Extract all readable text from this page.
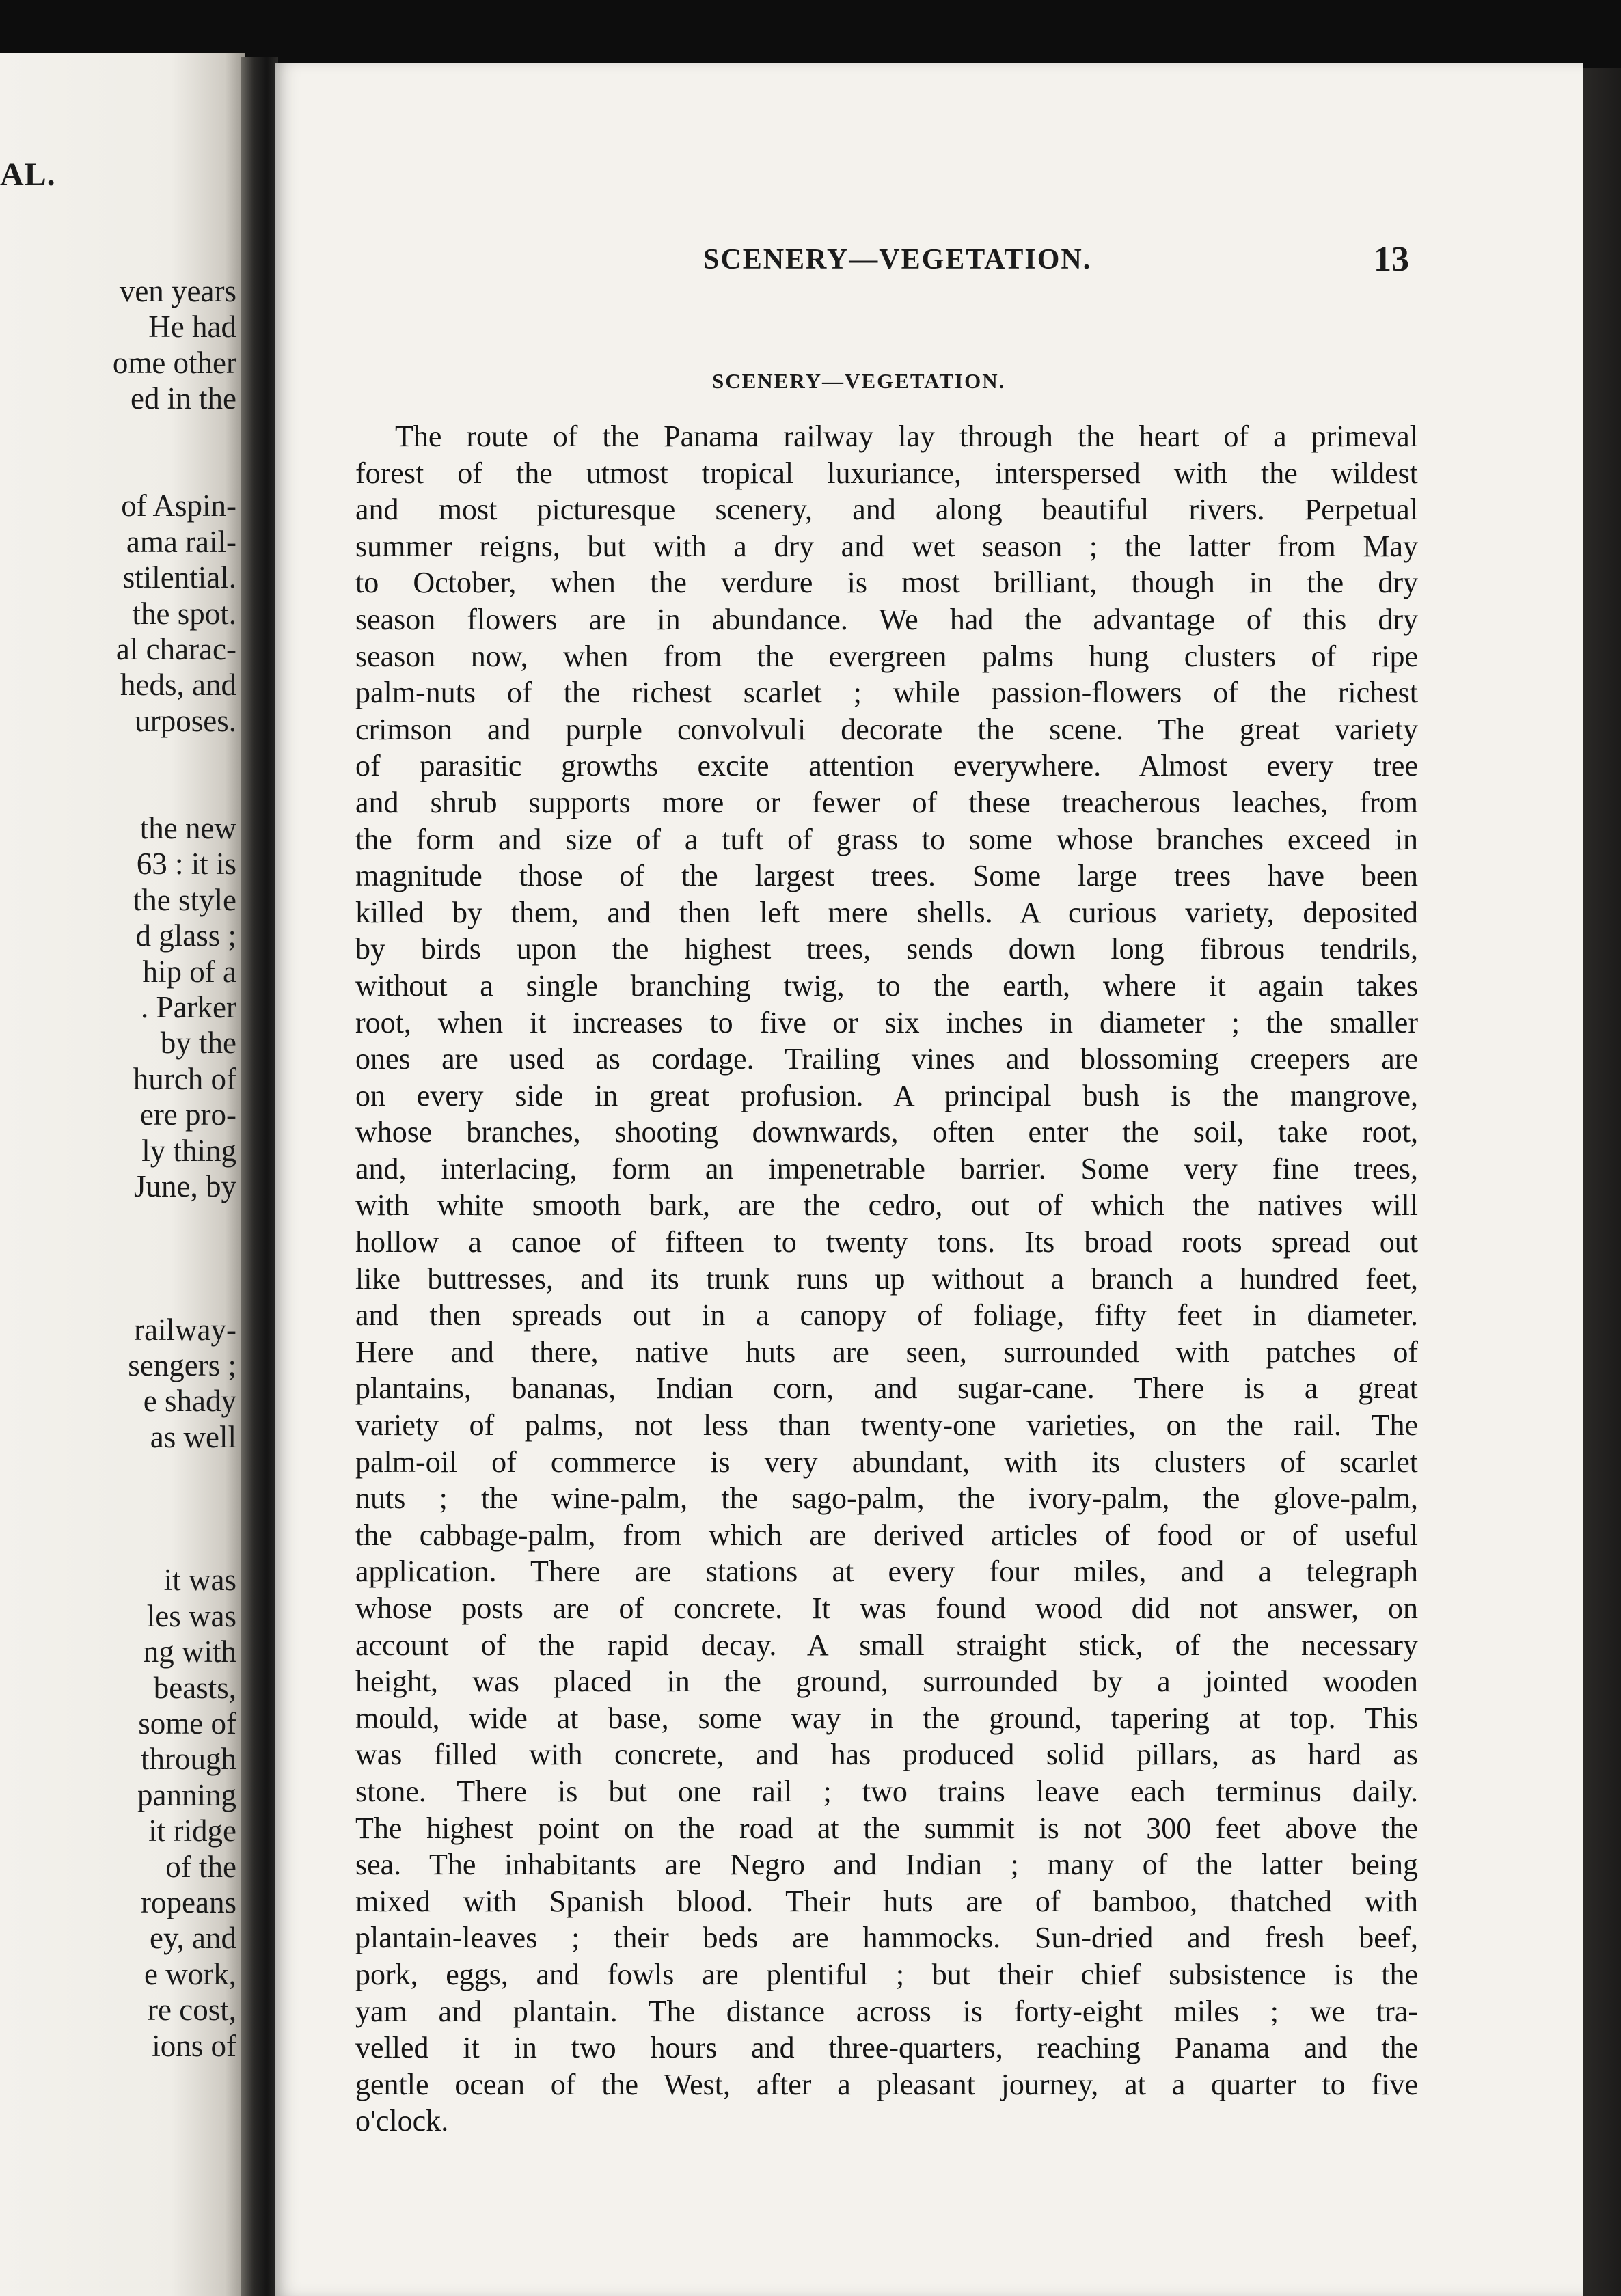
AL.
ven years
He had
ome other
ed in the
of Aspin-
ama rail-
stilential.
the spot.
al charac-
heds, and
urposes.
the new
63 : it is
the style
d glass ;
hip of a
. Parker
by the
hurch of
ere pro-
ly thing
June, by
railway-
sengers ;
e shady
as well
it was
les was
ng with
beasts,
some of
through
panning
it ridge
of the
ropeans
ey, and
e work,
re cost,
ions of
SCENERY—VEGETATION.	13
SCENERY—VEGETATION.
The route of the Panama railway lay through the heart of a primeval
forest of the utmost tropical luxuriance, interspersed with the wildest
and most picturesque scenery, and along beautiful rivers. Perpetual
summer reigns, but with a dry and wet season ; the latter from May
to October, when the verdure is most brilliant, though in the dry
season flowers are in abundance. We had the advantage of this dry
season now, when from the evergreen palms hung clusters of ripe
palm-nuts of the richest scarlet ; while passion-flowers of the richest
crimson and purple convolvuli decorate the scene. The great variety
of parasitic growths excite attention everywhere. Almost every tree
and shrub supports more or fewer of these treacherous leaches, from
the form and size of a tuft of grass to some whose branches exceed in
magnitude those of the largest trees. Some large trees have been
killed by them, and then left mere shells. A curious variety, deposited
by birds upon the highest trees, sends down long fibrous tendrils,
without a single branching twig, to the earth, where it again takes
root, when it increases to five or six inches in diameter ; the smaller
ones are used as cordage. Trailing vines and blossoming creepers are
on every side in great profusion. A principal bush is the mangrove,
whose branches, shooting downwards, often enter the soil, take root,
and, interlacing, form an impenetrable barrier. Some very fine trees,
with white smooth bark, are the cedro, out of which the natives will
hollow a canoe of fifteen to twenty tons. Its broad roots spread out
like buttresses, and its trunk runs up without a branch a hundred feet,
and then spreads out in a canopy of foliage, fifty feet in diameter.
Here and there, native huts are seen, surrounded with patches of
plantains, bananas, Indian corn, and sugar-cane. There is a great
variety of palms, not less than twenty-one varieties, on the rail. The
palm-oil of commerce is very abundant, with its clusters of scarlet
nuts ; the wine-palm, the sago-palm, the ivory-palm, the glove-palm,
the cabbage-palm, from which are derived articles of food or of useful
application. There are stations at every four miles, and a telegraph
whose posts are of concrete. It was found wood did not answer, on
account of the rapid decay. A small straight stick, of the necessary
height, was placed in the ground, surrounded by a jointed wooden
mould, wide at base, some way in the ground, tapering at top. This
was filled with concrete, and has produced solid pillars, as hard as
stone. There is but one rail ; two trains leave each terminus daily.
The highest point on the road at the summit is not 300 feet above the
sea. The inhabitants are Negro and Indian ; many of the latter being
mixed with Spanish blood. Their huts are of bamboo, thatched with
plantain-leaves ; their beds are hammocks. Sun-dried and fresh beef,
pork, eggs, and fowls are plentiful ; but their chief subsistence is the
yam and plantain. The distance across is forty-eight miles ; we tra-
velled it in two hours and three-quarters, reaching Panama and the
gentle ocean of the West, after a pleasant journey, at a quarter to five
o'clock.
